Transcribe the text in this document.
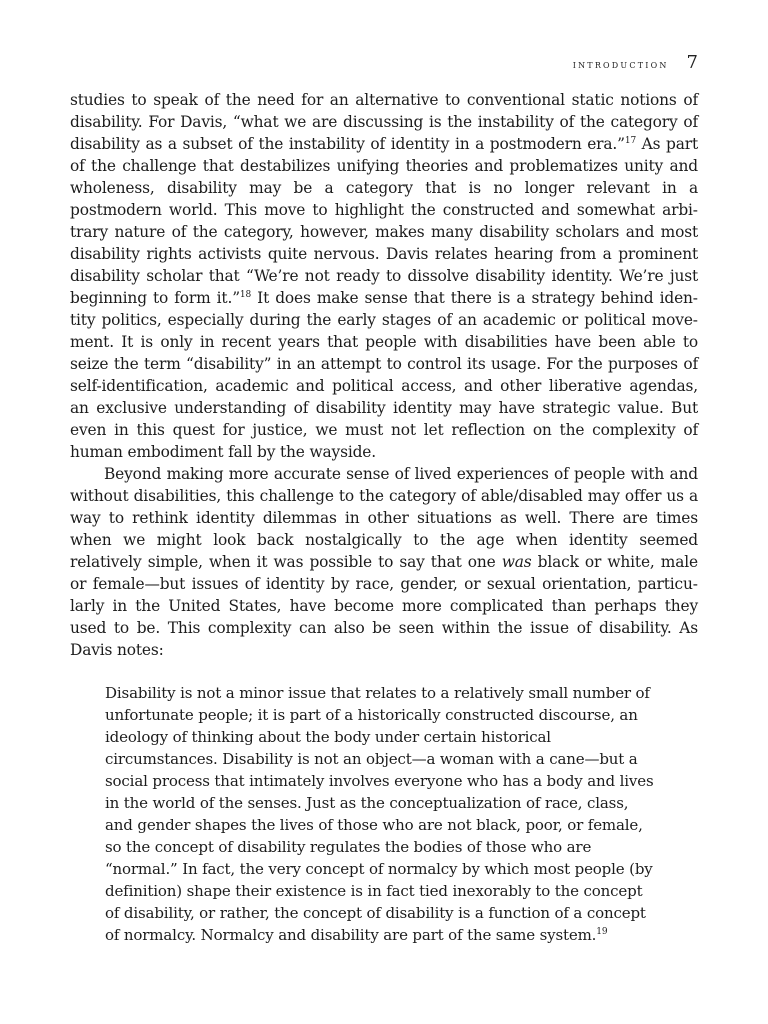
introduction 7

studies to speak of the need for an alternative to conventional static notions of disability. For Davis, “what we are discussing is the instability of the category of disability as a subset of the instability of identity in a postmodern era.”$^{17}$ As part of the challenge that destabilizes unifying theories and problematizes unity and wholeness, disability may be a category that is no longer relevant in a postmodern world. This move to highlight the constructed and somewhat arbitrary nature of the category, however, makes many disability scholars and most disability rights activists quite nervous. Davis relates hearing from a prominent disability scholar that “We’re not ready to dissolve disability identity. We’re just beginning to form it.”$^{18}$ It does make sense that there is a strategy behind identity politics, especially during the early stages of an academic or political movement. It is only in recent years that people with disabilities have been able to seize the term “disability” in an attempt to control its usage. For the purposes of self-identification, academic and political access, and other liberative agendas, an exclusive understanding of disability identity may have strategic value. But even in this quest for justice, we must not let reflection on the complexity of human embodiment fall by the wayside.

Beyond making more accurate sense of lived experiences of people with and without disabilities, this challenge to the category of able/disabled may offer us a way to rethink identity dilemmas in other situations as well. There are times when we might look back nostalgically to the age when identity seemed relatively simple, when it was possible to say that one was black or white, male or female—but issues of identity by race, gender, or sexual orientation, particularly in the United States, have become more complicated than perhaps they used to be. This complexity can also be seen within the issue of disability. As Davis notes:

Disability is not a minor issue that relates to a relatively small number of unfortunate people; it is part of a historically constructed discourse, an ideology of thinking about the body under certain historical circumstances. Disability is not an object—a woman with a cane—but a social process that intimately involves everyone who has a body and lives in the world of the senses. Just as the conceptualization of race, class, and gender shapes the lives of those who are not black, poor, or female, so the concept of disability regulates the bodies of those who are “normal.” In fact, the very concept of normalcy by which most people (by definition) shape their existence is in fact tied inexorably to the concept of disability, or rather, the concept of disability is a function of a concept of normalcy. Normalcy and disability are part of the same system.$^{19}$
